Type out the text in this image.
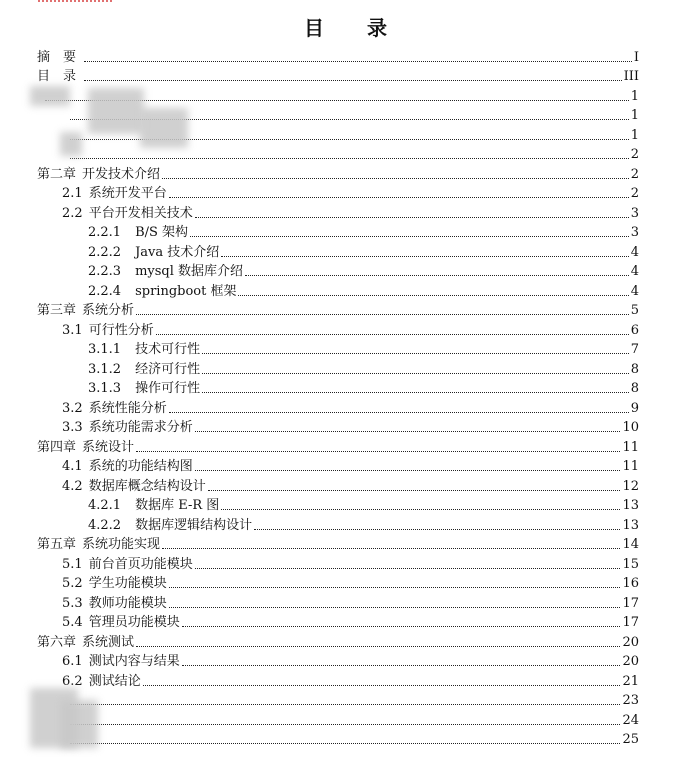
目 录
摘　要	I
目　录	III
1
1
1
2
第二章 开发技术介绍	2
2.1 系统开发平台	2
2.2 平台开发相关技术	3
2.2.1 B/S 架构	3
2.2.2 Java 技术介绍	4
2.2.3 mysql 数据库介绍	4
2.2.4 springboot 框架	4
第三章 系统分析	5
3.1 可行性分析	6
3.1.1 技术可行性	7
3.1.2 经济可行性	8
3.1.3 操作可行性	8
3.2 系统性能分析	9
3.3 系统功能需求分析	10
第四章 系统设计	11
4.1 系统的功能结构图	11
4.2 数据库概念结构设计	12
4.2.1 数据库 E-R 图	13
4.2.2 数据库逻辑结构设计	13
第五章 系统功能实现	14
5.1 前台首页功能模块	15
5.2 学生功能模块	16
5.3 教师功能模块	17
5.4 管理员功能模块	17
第六章 系统测试	20
6.1 测试内容与结果	20
6.2 测试结论	21
23
24
25
